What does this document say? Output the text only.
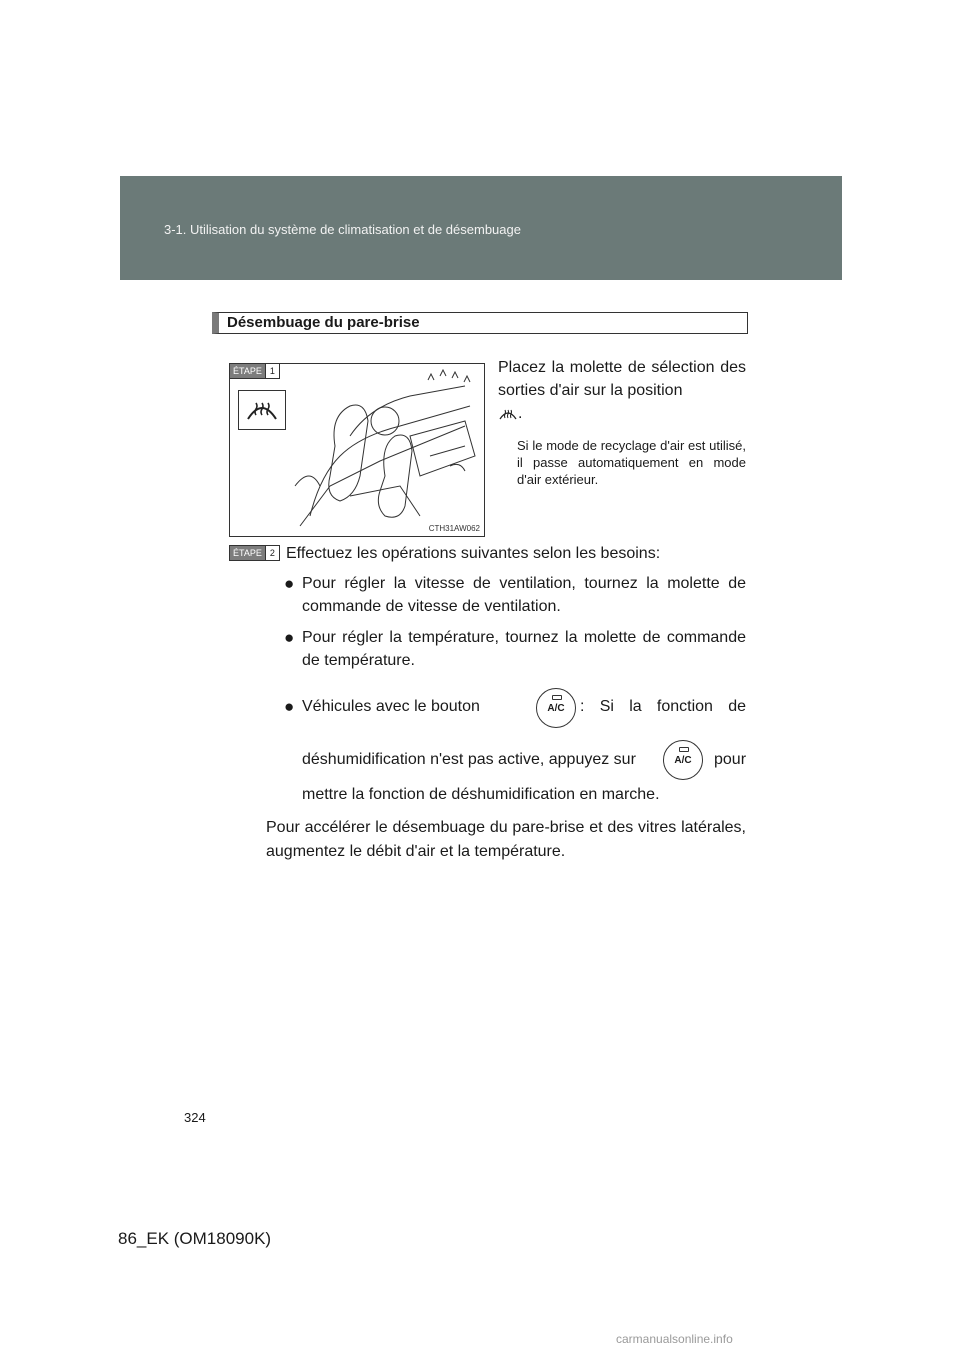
3-1. Utilisation du système de climatisation et de désembuage
Désembuage du pare-brise
ÉTAPE 1
CTH31AW062
Placez la molette de sélection des sorties d'air sur la position
.
Si le mode de recyclage d'air est utilisé, il passe automatiquement en mode d'air extérieur.
ÉTAPE 2 Effectuez les opérations suivantes selon les besoins:
● Pour régler la vitesse de ventilation, tournez la molette de commande de vitesse de ventilation.
● Pour régler la température, tournez la molette de commande de température.
● Véhicules avec le bouton	A/C : Si la fonction de
déshumidification n'est pas active, appuyez sur	A/C	pour
mettre la fonction de déshumidification en marche.
Pour accélérer le désembuage du pare-brise et des vitres latérales, augmentez le débit d'air et la température.
324
86_EK (OM18090K)
carmanualsonline.info
